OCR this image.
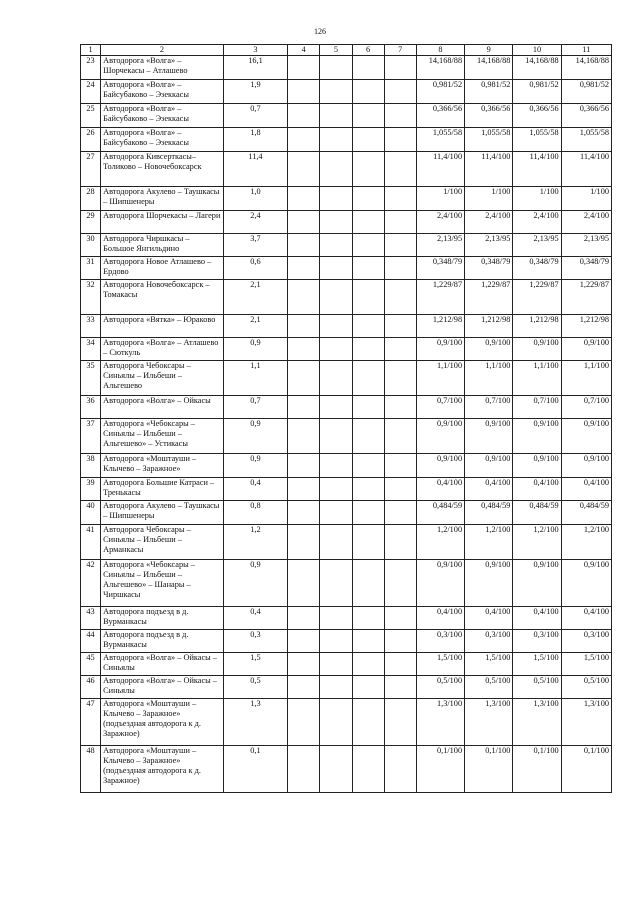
126
1	2	3	4	5	6	7	8	9	10	11
23	Автодорога «Волга» – Шорчекасы – Атлашево	16,1					14,168/88	14,168/88	14,168/88	14,168/88
24	Автодорога «Волга» – Байсубаково – Эзеккасы	1,9					0,981/52	0,981/52	0,981/52	0,981/52
25	Автодорога «Волга» – Байсубаково – Эзеккасы	0,7					0,366/56	0,366/56	0,366/56	0,366/56
26	Автодорога «Волга» – Байсубаково – Эзеккасы	1,8					1,055/58	1,055/58	1,055/58	1,055/58
27	Автодорога Кивсерткасы– Толиково – Новочебоксарск	11,4					11,4/100	11,4/100	11,4/100	11,4/100
28	Автодорога Акулево – Таушкасы – Шипшенеры	1,0					1/100	1/100	1/100	1/100
29	Автодорога Шорчекасы – Лагери	2,4					2,4/100	2,4/100	2,4/100	2,4/100
30	Автодорога Чиршкасы – Большое Янгильдино	3,7					2,13/95	2,13/95	2,13/95	2,13/95
31	Автодорога Новое Атлашево – Ердово	0,6					0,348/79	0,348/79	0,348/79	0,348/79
32	Автодорога Новочебоксарск – Томакасы	2,1					1,229/87	1,229/87	1,229/87	1,229/87
33	Автодорога «Вятка» – Юраково	2,1					1,212/98	1,212/98	1,212/98	1,212/98
34	Автодорога «Волга» – Атлашево – Сюткуль	0,9					0,9/100	0,9/100	0,9/100	0,9/100
35	Автодорога Чебоксары – Синьялы – Ильбеши – Альгешево	1,1					1,1/100	1,1/100	1,1/100	1,1/100
36	Автодорога «Волга» – Ойкасы	0,7					0,7/100	0,7/100	0,7/100	0,7/100
37	Автодорога «Чебоксары – Синьялы – Ильбеши – Альгешево» – Устикасы	0,9					0,9/100	0,9/100	0,9/100	0,9/100
38	Автодорога «Моштауши – Клычево – Заражное»	0,9					0,9/100	0,9/100	0,9/100	0,9/100
39	Автодорога Большие Катраси – Тренькасы	0,4					0,4/100	0,4/100	0,4/100	0,4/100
40	Автодорога Акулево – Таушкасы – Шипшенеры	0,8					0,484/59	0,484/59	0,484/59	0,484/59
41	Автодорога Чебоксары – Синьялы – Ильбеши – Арманкасы	1,2					1,2/100	1,2/100	1,2/100	1,2/100
42	Автодорога «Чебоксары – Синьялы – Ильбеши – Альгешево» – Шанары – Чиршкасы	0,9					0,9/100	0,9/100	0,9/100	0,9/100
43	Автодорога подъезд в д. Вурманкасы	0,4					0,4/100	0,4/100	0,4/100	0,4/100
44	Автодорога подъезд в д. Вурманкасы	0,3					0,3/100	0,3/100	0,3/100	0,3/100
45	Автодорога «Волга» – Ойкасы – Синьялы	1,5					1,5/100	1,5/100	1,5/100	1,5/100
46	Автодорога «Волга» – Ойкасы – Синьялы	0,5					0,5/100	0,5/100	0,5/100	0,5/100
47	Автодорога «Моштауши – Клычево – Заражное» (подъездная автодорога к д. Заражное)	1,3					1,3/100	1,3/100	1,3/100	1,3/100
48	Автодорога «Моштауши – Клычево – Заражное» (подъездная автодорога к д. Заражное)	0,1					0,1/100	0,1/100	0,1/100	0,1/100
